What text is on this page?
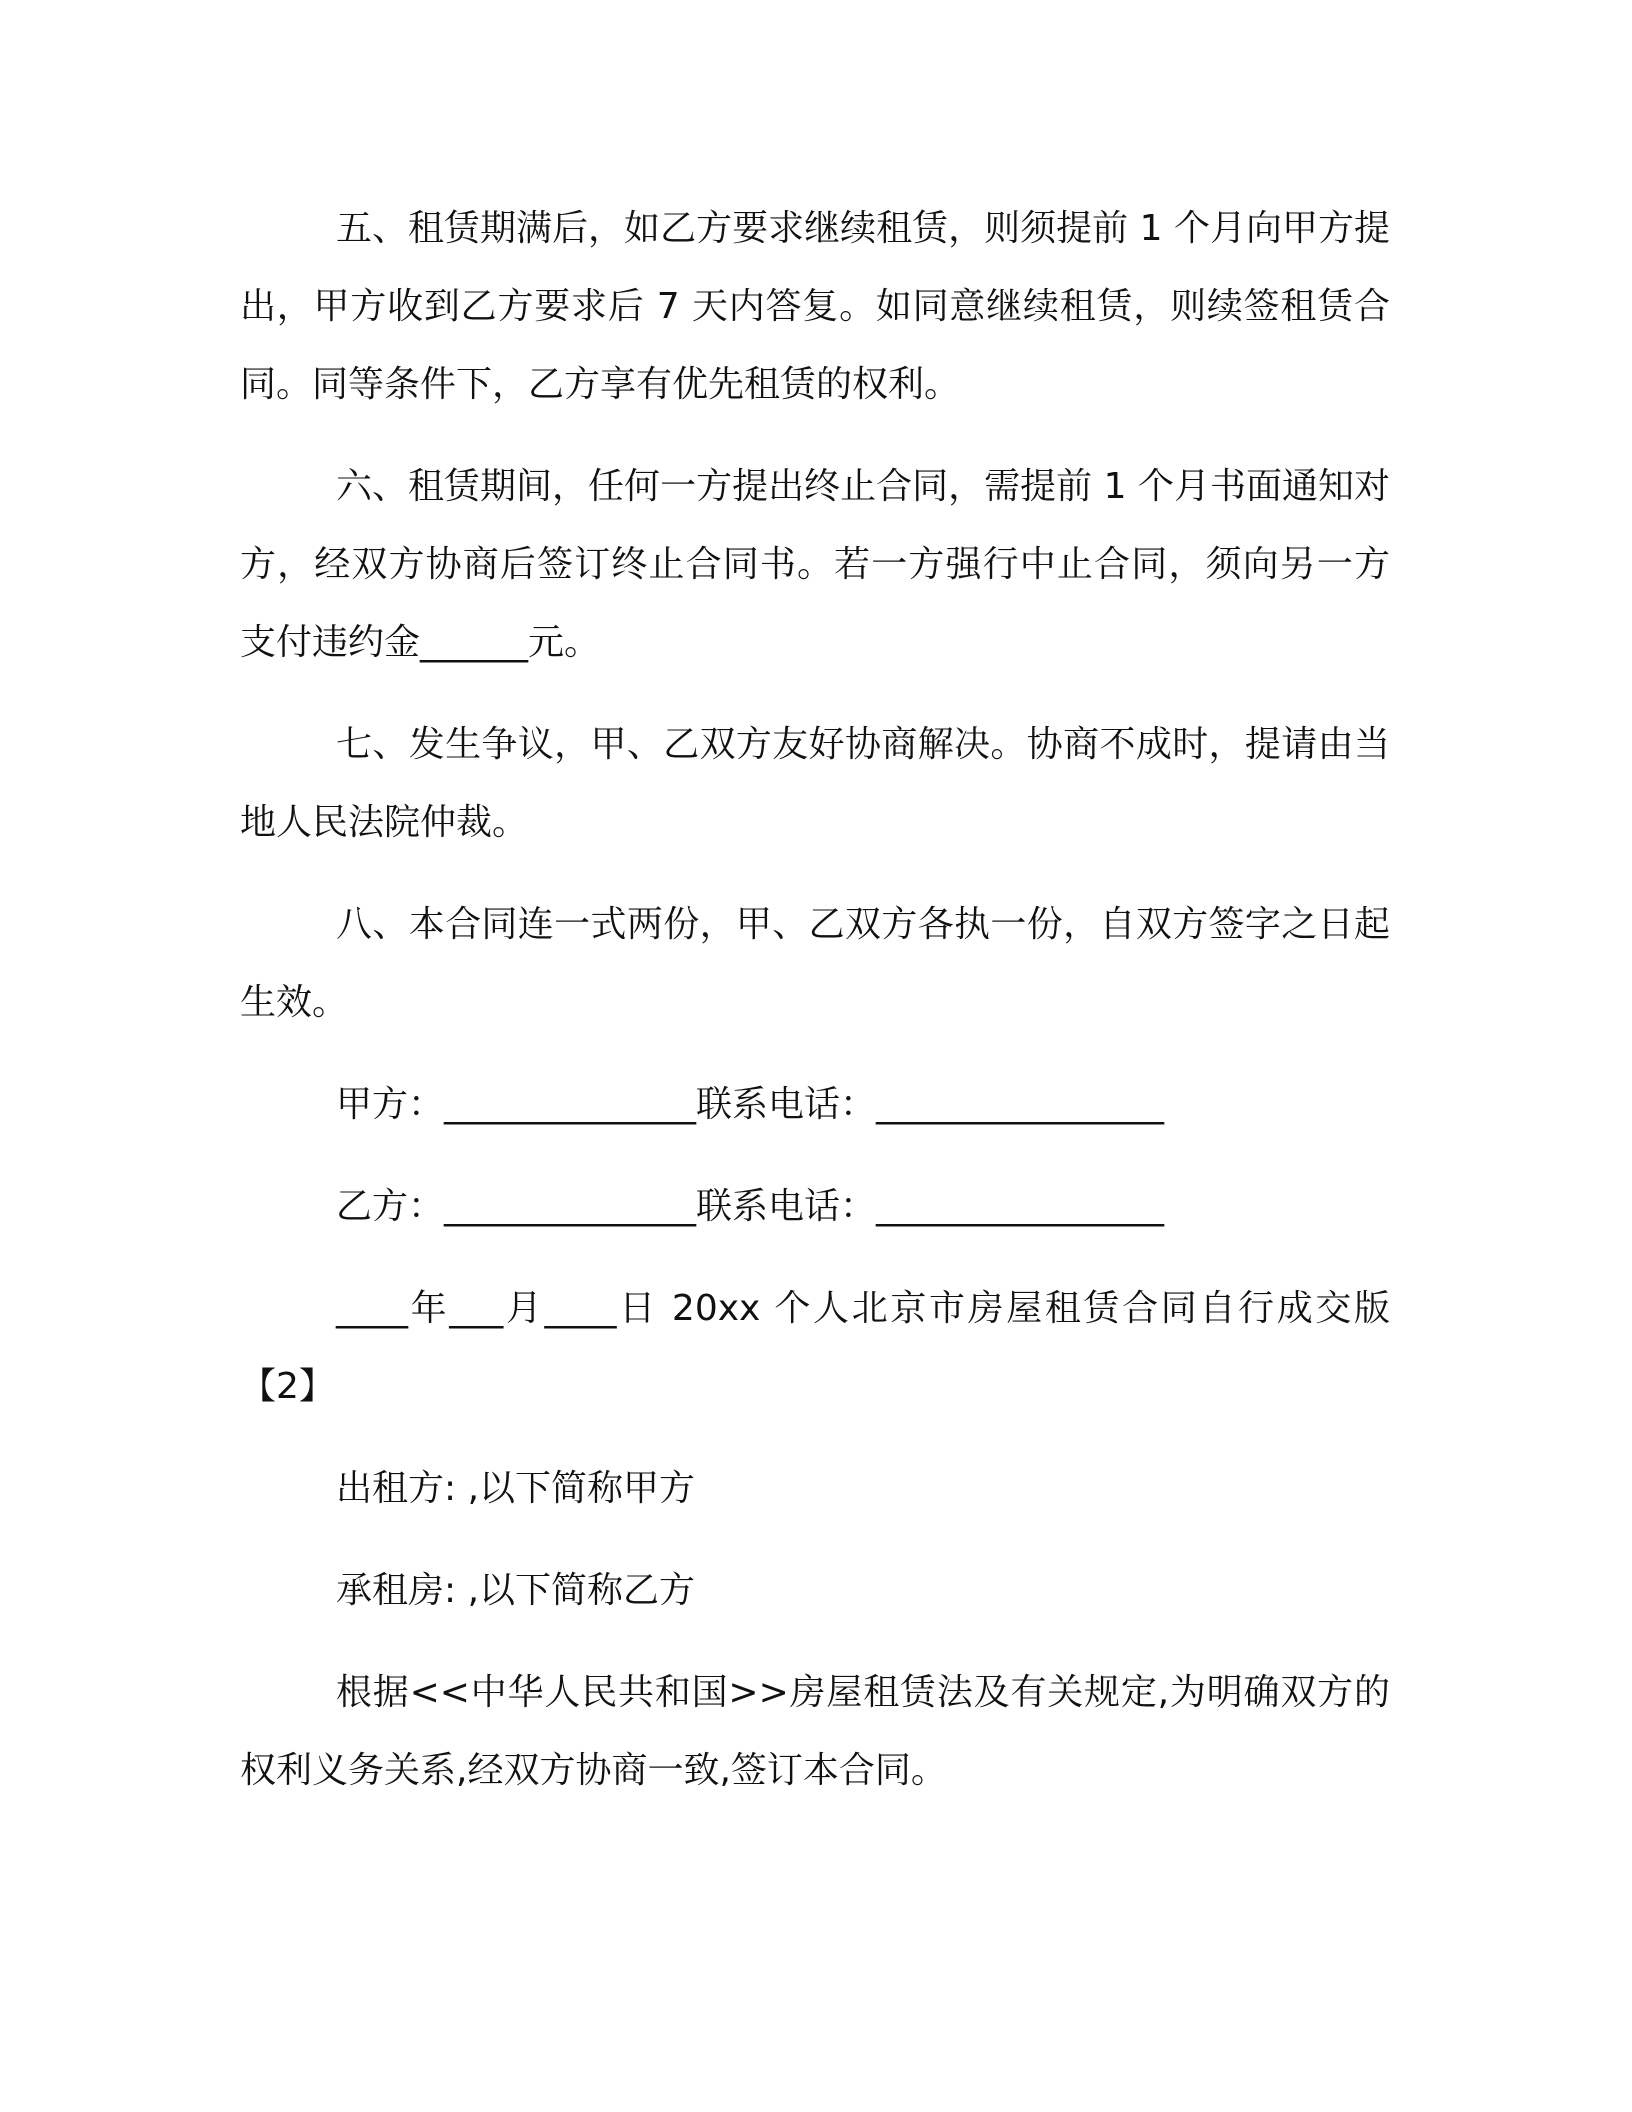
五、租赁期满后，如乙方要求继续租赁，则须提前 1 个月向甲方提出，甲方收到乙方要求后 7 天内答复。如同意继续租赁，则续签租赁合同。同等条件下，乙方享有优先租赁的权利。

六、租赁期间，任何一方提出终止合同，需提前 1 个月书面通知对方，经双方协商后签订终止合同书。若一方强行中止合同，须向另一方支付违约金______元。

七、发生争议，甲、乙双方友好协商解决。协商不成时，提请由当地人民法院仲裁。

八、本合同连一式两份，甲、乙双方各执一份，自双方签字之日起生效。

甲方：______________联系电话：________________
乙方：______________联系电话：________________

____年___月____日 20xx 个人北京市房屋租赁合同自行成交版【2】

出租方: ,以下简称甲方

承租房: ,以下简称乙方

根据<<中华人民共和国>>房屋租赁法及有关规定,为明确双方的权利义务关系,经双方协商一致,签订本合同。
